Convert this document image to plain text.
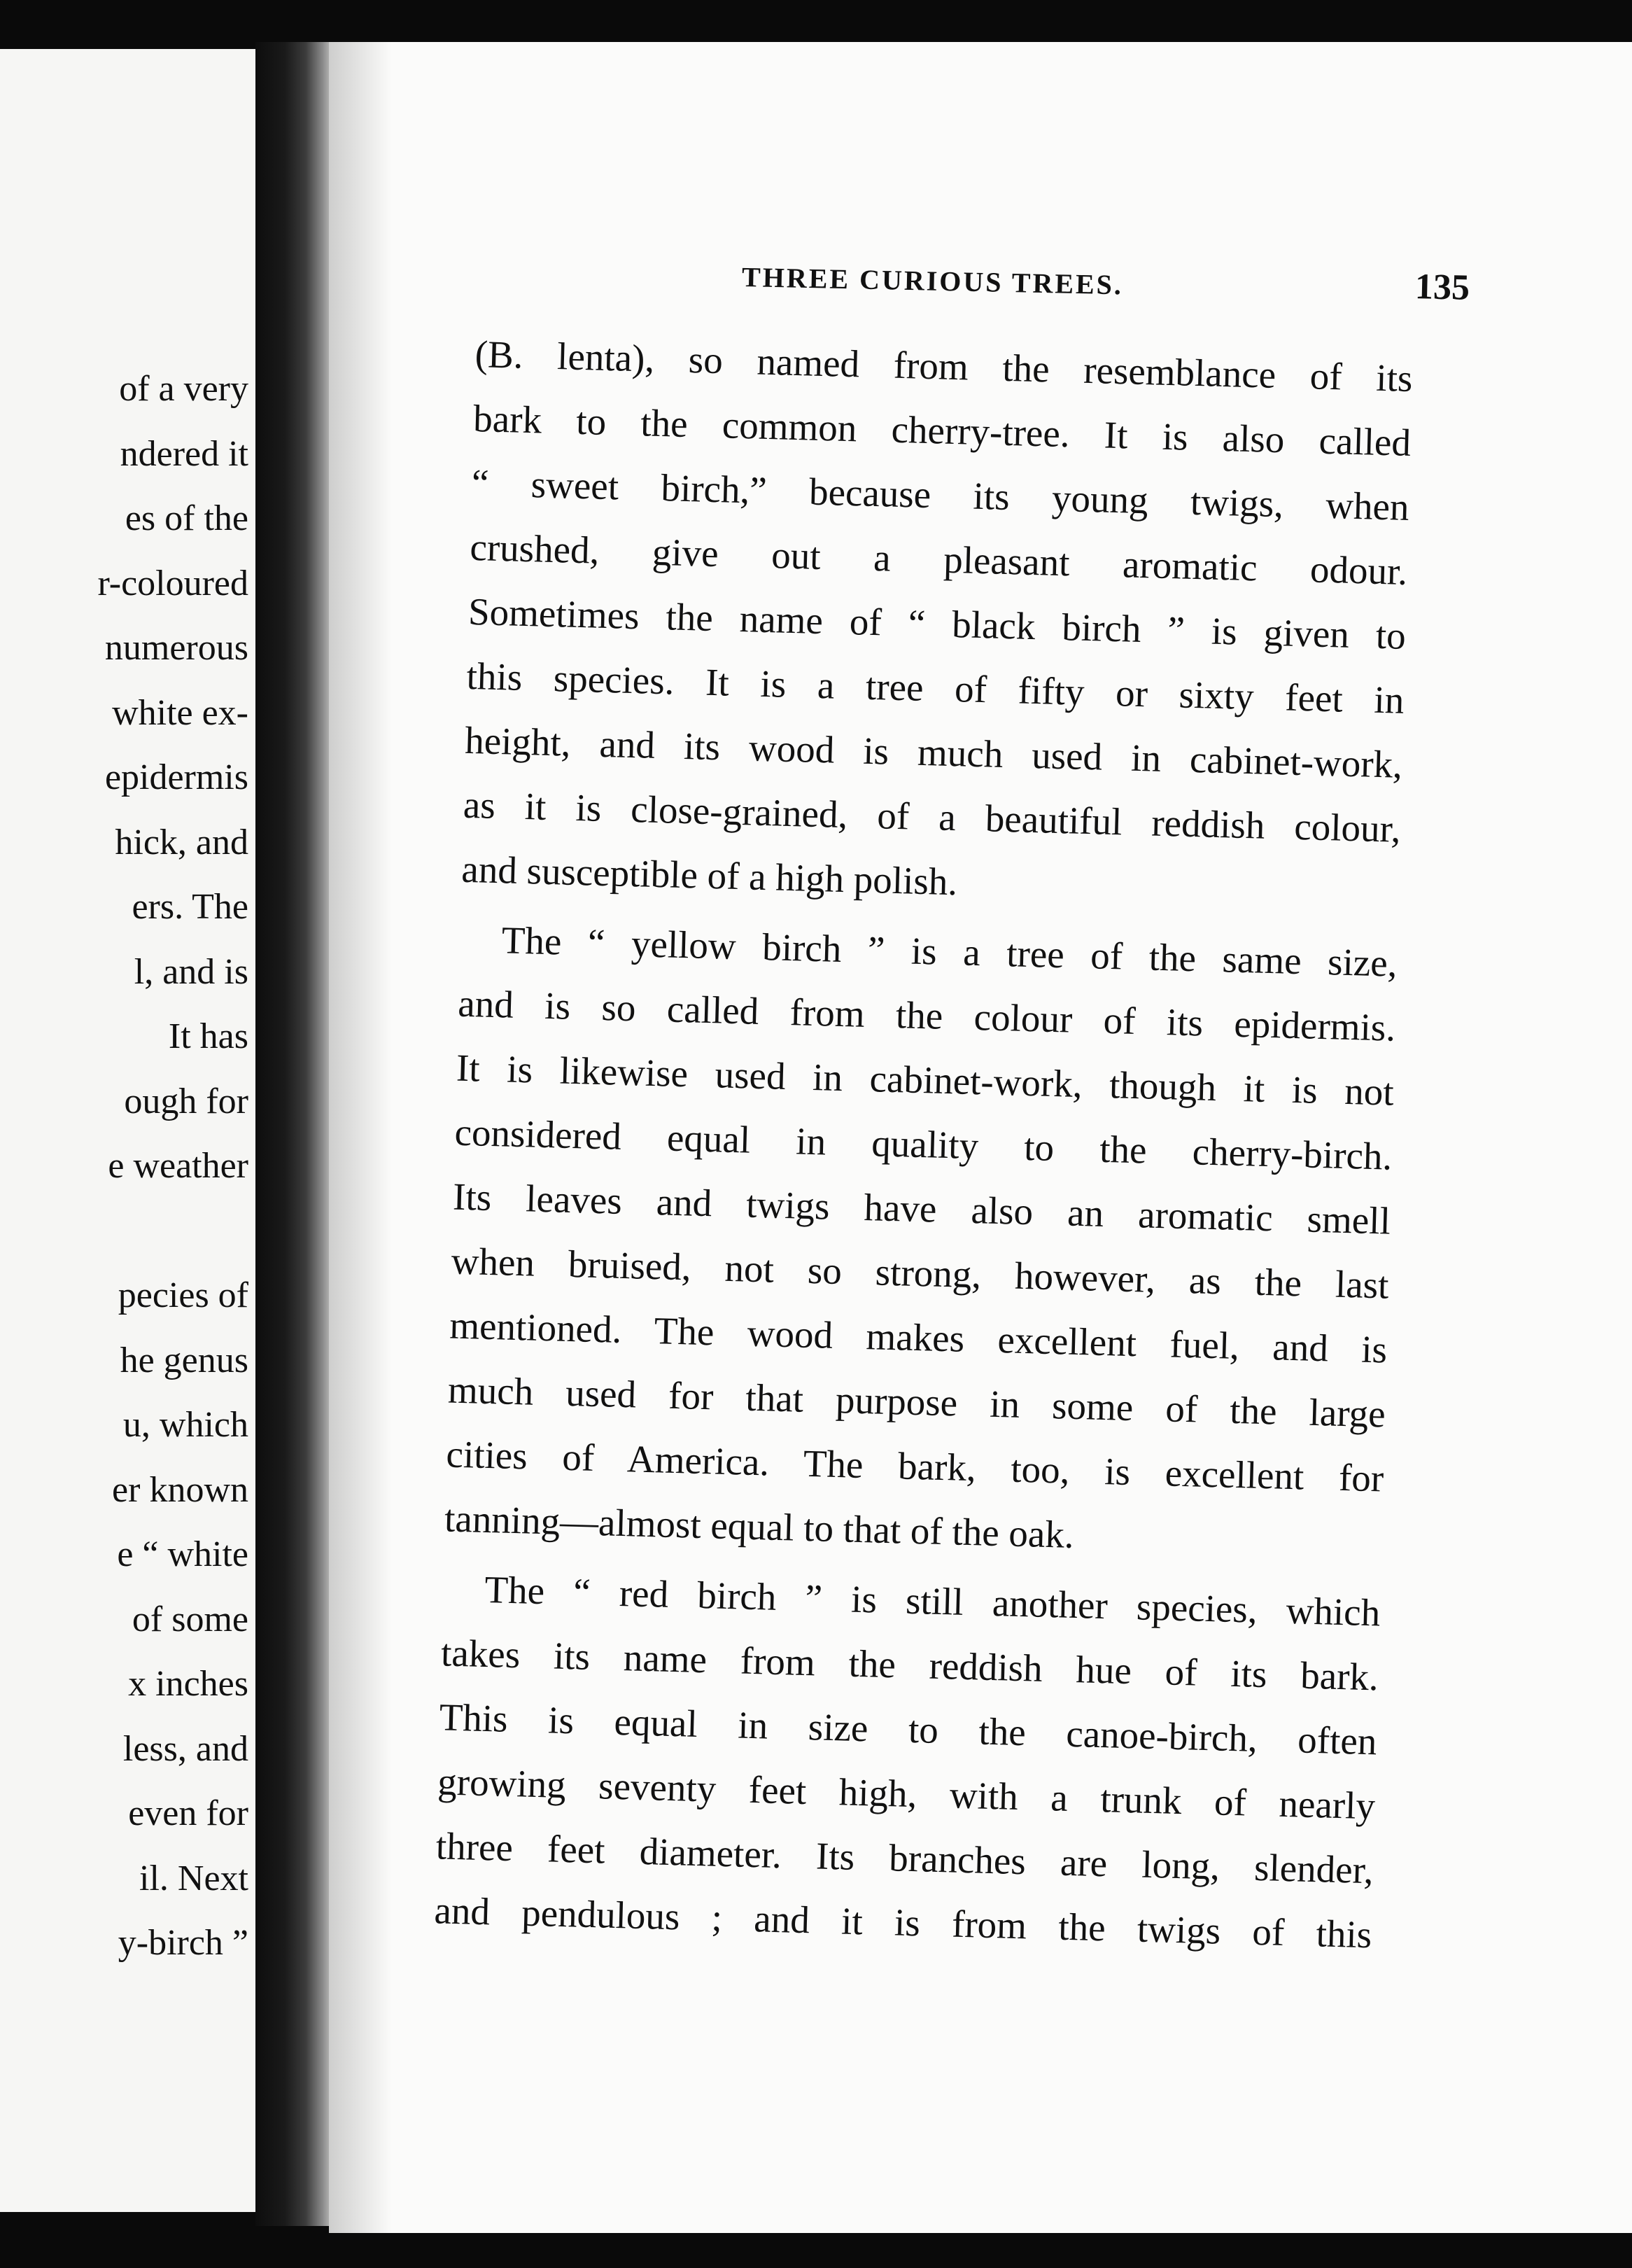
of a very
ndered it
es of the
r-coloured
numerous
white ex-
epidermis
hick, and
ers. The
l, and is
It has
ough for
e weather
pecies of
he genus
u, which
er known
e “ white
of some
x inches
less, and
even for
il. Next
y-birch ”
THREE CURIOUS TREES.	135

(B. lenta), so named from the resemblance of its
bark to the common cherry-tree. It is also called
“ sweet birch,” because its young twigs, when
crushed, give out a pleasant aromatic odour.
Sometimes the name of “ black birch ” is given to
this species. It is a tree of fifty or sixty feet in
height, and its wood is much used in cabinet-work,
as it is close-grained, of a beautiful reddish colour,
and susceptible of a high polish.

The “ yellow birch ” is a tree of the same size,
and is so called from the colour of its epidermis.
It is likewise used in cabinet-work, though it is not
considered equal in quality to the cherry-birch.
Its leaves and twigs have also an aromatic smell
when bruised, not so strong, however, as the last
mentioned. The wood makes excellent fuel, and is
much used for that purpose in some of the large
cities of America. The bark, too, is excellent for
tanning—almost equal to that of the oak.

The “ red birch ” is still another species, which
takes its name from the reddish hue of its bark.
This is equal in size to the canoe-birch, often
growing seventy feet high, with a trunk of nearly
three feet diameter. Its branches are long, slender,
and pendulous ; and it is from the twigs of this
